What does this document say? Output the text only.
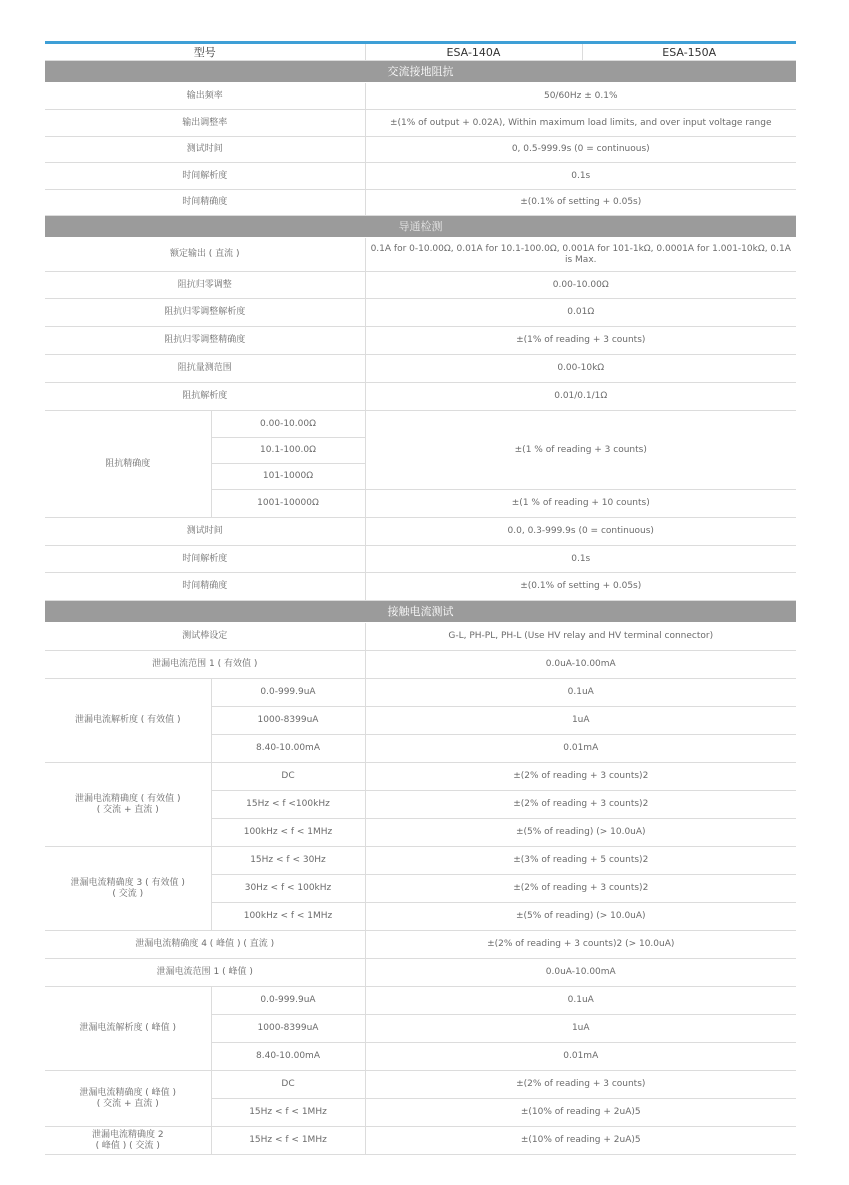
型号		ESA-140A	ESA-150A
交流接地阻抗			
输出频率		50/60Hz ± 0.1%	
输出调整率		±(1% of output + 0.02A), Within maximum load limits, and over input voltage range	
测试时间		0, 0.5-999.9s (0 = continuous)	
时间解析度		0.1s	
时间精确度		±(0.1% of setting + 0.05s)	
导通检测			
额定输出 ( 直流 )		0.1A for 0-10.00Ω, 0.01A for 10.1-100.0Ω, 0.001A for 101-1kΩ, 0.0001A for 1.001-10kΩ, 0.1A is Max.	
阻抗归零调整		0.00-10.00Ω	
阻抗归零调整解析度		0.01Ω	
阻抗归零调整精确度		±(1% of reading + 3 counts)	
阻抗量测范围		0.00-10kΩ	
阻抗解析度		0.01/0.1/1Ω	
阻抗精确度	0.00-10.00Ω	±(1 % of reading + 3 counts)	
	10.1-100.0Ω		
	101-1000Ω		
	1001-10000Ω	±(1 % of reading + 10 counts)	
测试时间		0.0, 0.3-999.9s (0 = continuous)	
时间解析度		0.1s	
时间精确度		±(0.1% of setting + 0.05s)	
接触电流测试			
测试棒设定		G-L, PH-PL, PH-L (Use HV relay and HV terminal connector)	
泄漏电流范围 1 ( 有效值 )		0.0uA-10.00mA	
泄漏电流解析度 ( 有效值 )	0.0-999.9uA	0.1uA	
	1000-8399uA	1uA	
	8.40-10.00mA	0.01mA	
泄漏电流精确度 ( 有效值 )
( 交流 + 直流 )	DC	±(2% of reading + 3 counts)2	
	15Hz < f <100kHz	±(2% of reading + 3 counts)2	
	100kHz < f < 1MHz	±(5% of reading) (> 10.0uA)	
泄漏电流精确度 3 ( 有效值 )
( 交流 )	15Hz < f < 30Hz	±(3% of reading + 5 counts)2	
	30Hz < f < 100kHz	±(2% of reading + 3 counts)2	
	100kHz < f < 1MHz	±(5% of reading) (> 10.0uA)	
泄漏电流精确度 4 ( 峰值 ) ( 直流 )		±(2% of reading + 3 counts)2 (> 10.0uA)	
泄漏电流范围 1 ( 峰值 )		0.0uA-10.00mA	
泄漏电流解析度 ( 峰值 )	0.0-999.9uA	0.1uA	
	1000-8399uA	1uA	
	8.40-10.00mA	0.01mA	
泄漏电流精确度 ( 峰值 )
( 交流 + 直流 )	DC	±(2% of reading + 3 counts)	
	15Hz < f < 1MHz	±(10% of reading + 2uA)5	
泄漏电流精确度 2
( 峰值 ) ( 交流 )	15Hz < f < 1MHz	±(10% of reading + 2uA)5	
